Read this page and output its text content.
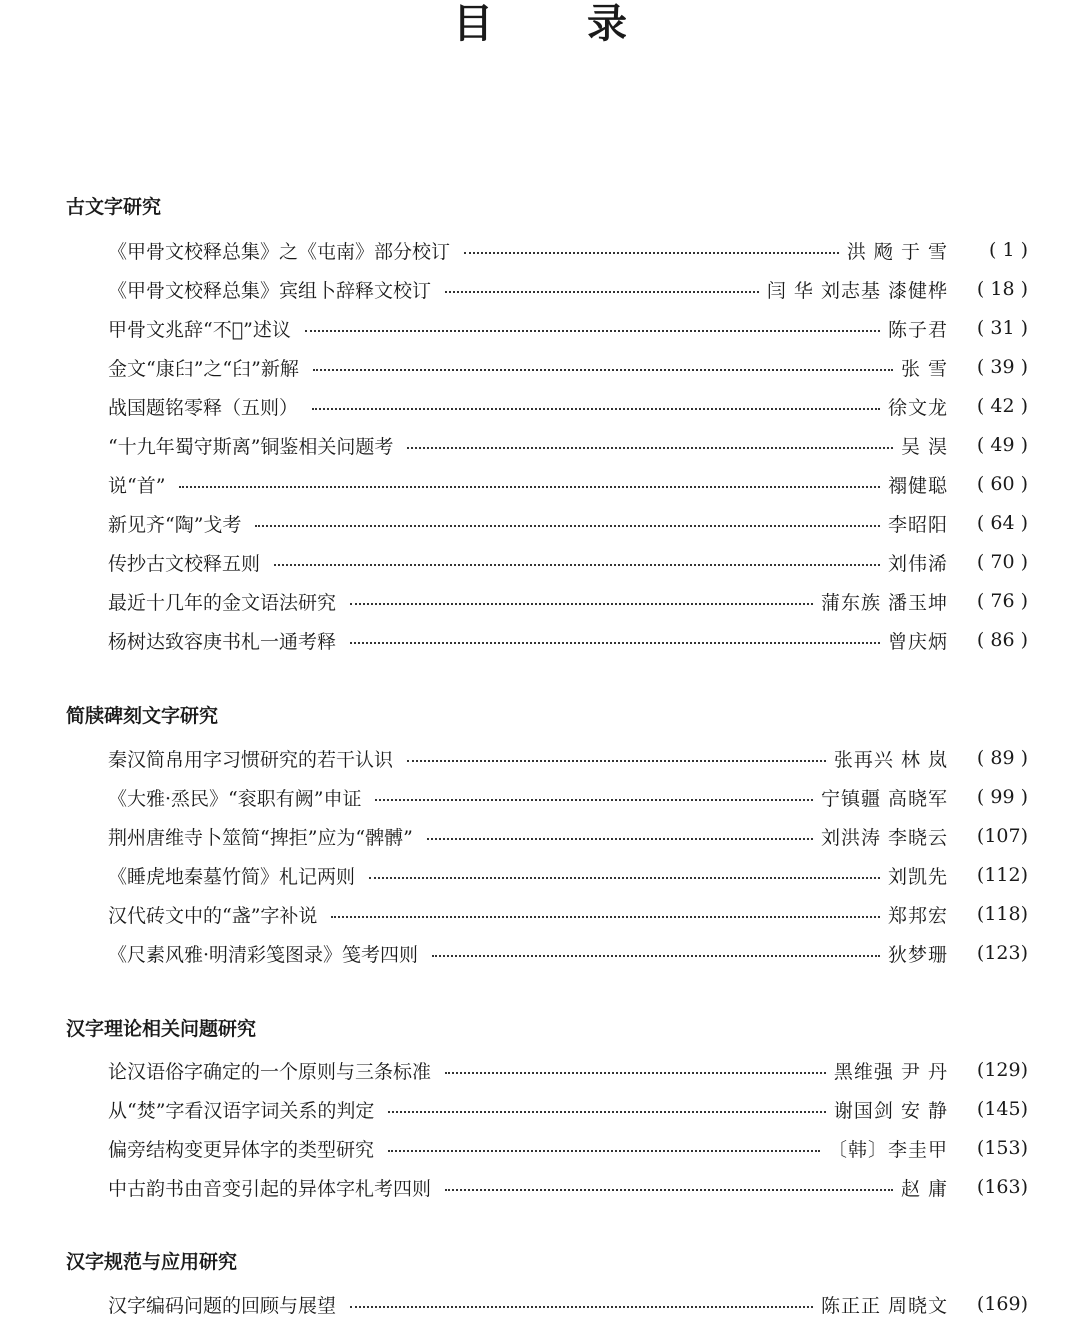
目 录
古文字研究
《甲骨文校释总集》之《屯南》部分校订	洪 飏 于 雪	( 1 )
《甲骨文校释总集》宾组卜辞释文校订	闫 华 刘志基 漆健桦	( 18 )
甲骨文兆辞“不𫹟”述议	陈子君	( 31 )
金文“康𦥑”之“𦥑”新解	张 雪	( 39 )
战国题铭零释（五则）	徐文龙	( 42 )
“十九年蜀守斯离”铜鉴相关问题考	吴 淏	( 49 )
说“首”	禤健聪	( 60 )
新见齐“陶”戈考	李昭阳	( 64 )
传抄古文校释五则	刘伟浠	( 70 )
最近十几年的金文语法研究	蒲东族 潘玉坤	( 76 )
杨树达致容庚书札一通考释	曾庆炳	( 86 )
简牍碑刻文字研究
秦汉简帛用字习惯研究的若干认识	张再兴 林 岚	( 89 )
《大雅·烝民》“衮职有阙”申证	宁镇疆 高晓军	( 99 )
荆州唐维寺卜筮简“捭拒”应为“髀髆”	刘洪涛 李晓云	(107)
《睡虎地秦墓竹简》札记两则	刘凯先	(112)
汉代砖文中的“盏”字补说	郑邦宏	(118)
《尺素风雅·明清彩笺图录》笺考四则	狄梦珊	(123)
汉字理论相关问题研究
论汉语俗字确定的一个原则与三条标准	黑维强 尹 丹	(129)
从“焚”字看汉语字词关系的判定	谢国剑 安 静	(145)
偏旁结构变更异体字的类型研究	〔韩〕李圭甲	(153)
中古韵书由音变引起的异体字札考四则	赵 庸	(163)
汉字规范与应用研究
汉字编码问题的回顾与展望	陈正正 周晓文	(169)
